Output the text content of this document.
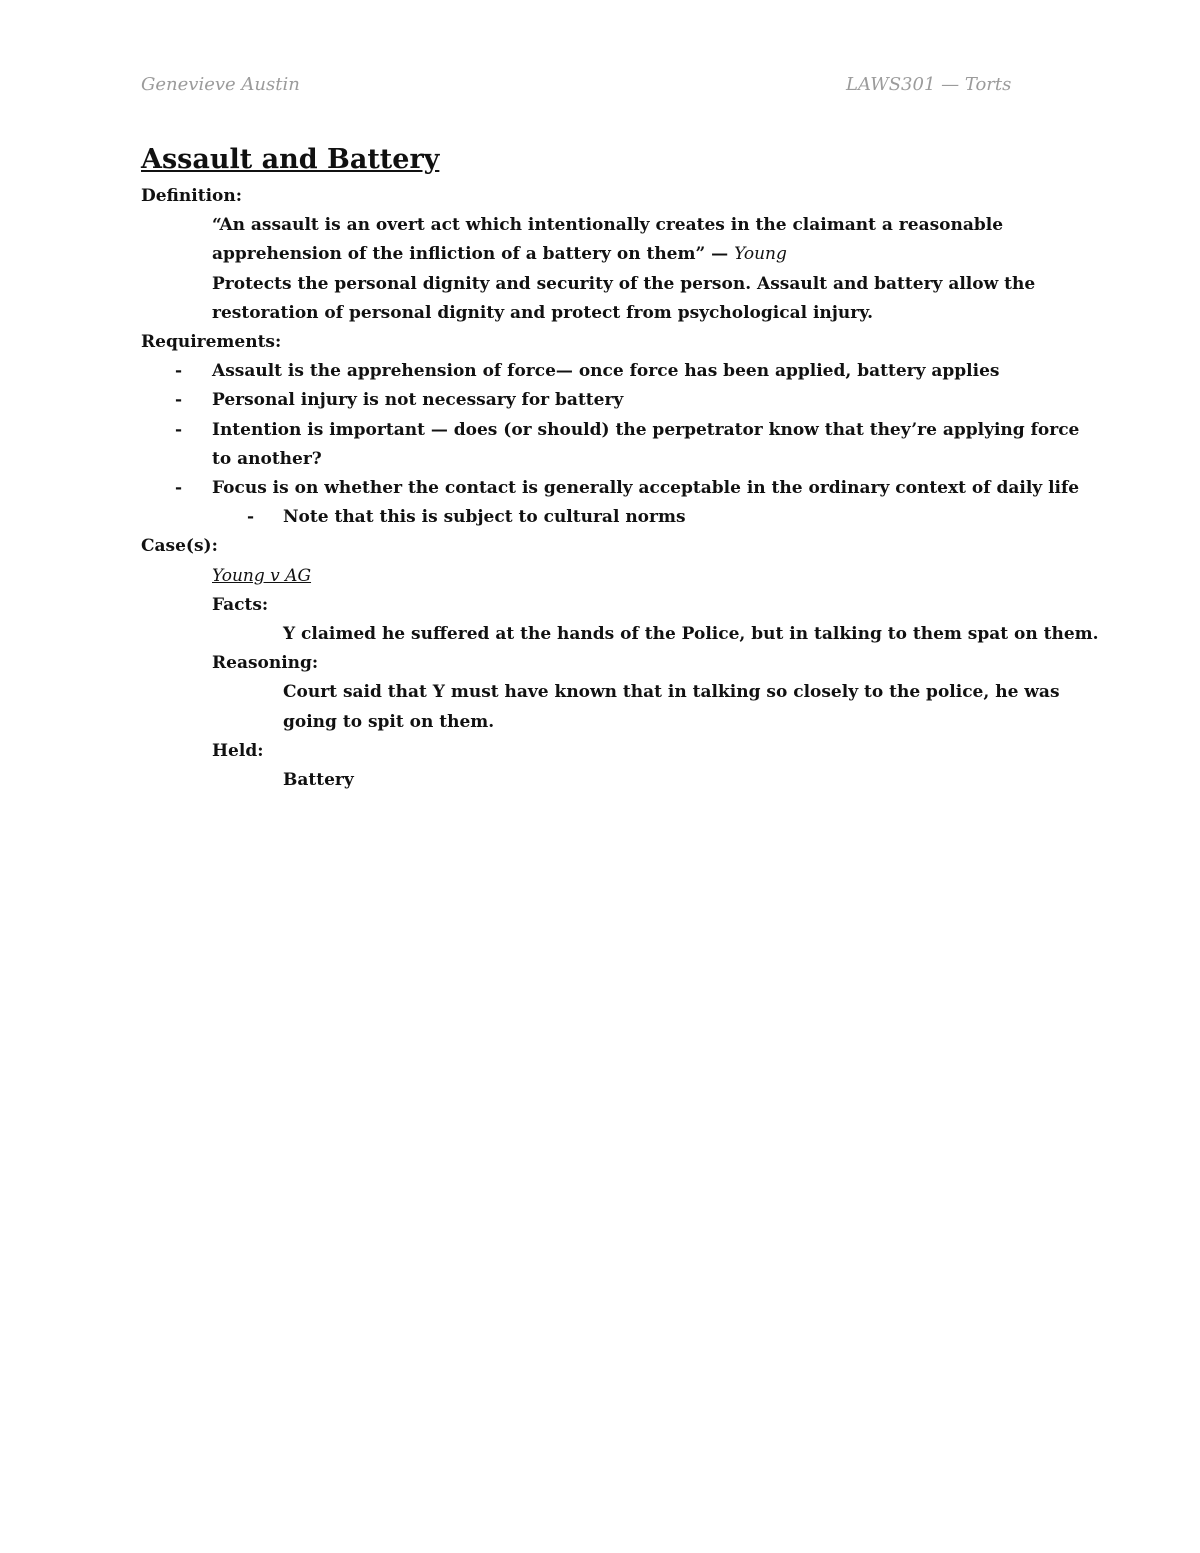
Genevieve Austin	LAWS301 — Torts
Assault and Battery
Definition:
“An assault is an overt act which intentionally creates in the claimant a reasonable
apprehension of the infliction of a battery on them” — Young
Protects the personal dignity and security of the person. Assault and battery allow the
restoration of personal dignity and protect from psychological injury.
Requirements:
- Assault is the apprehension of force— once force has been applied, battery applies
- Personal injury is not necessary for battery
- Intention is important — does (or should) the perpetrator know that they’re applying force
to another?
- Focus is on whether the contact is generally acceptable in the ordinary context of daily life
- Note that this is subject to cultural norms
Case(s):
Young v AG
Facts:
Y claimed he suffered at the hands of the Police, but in talking to them spat on them.
Reasoning:
Court said that Y must have known that in talking so closely to the police, he was
going to spit on them.
Held:
Battery
